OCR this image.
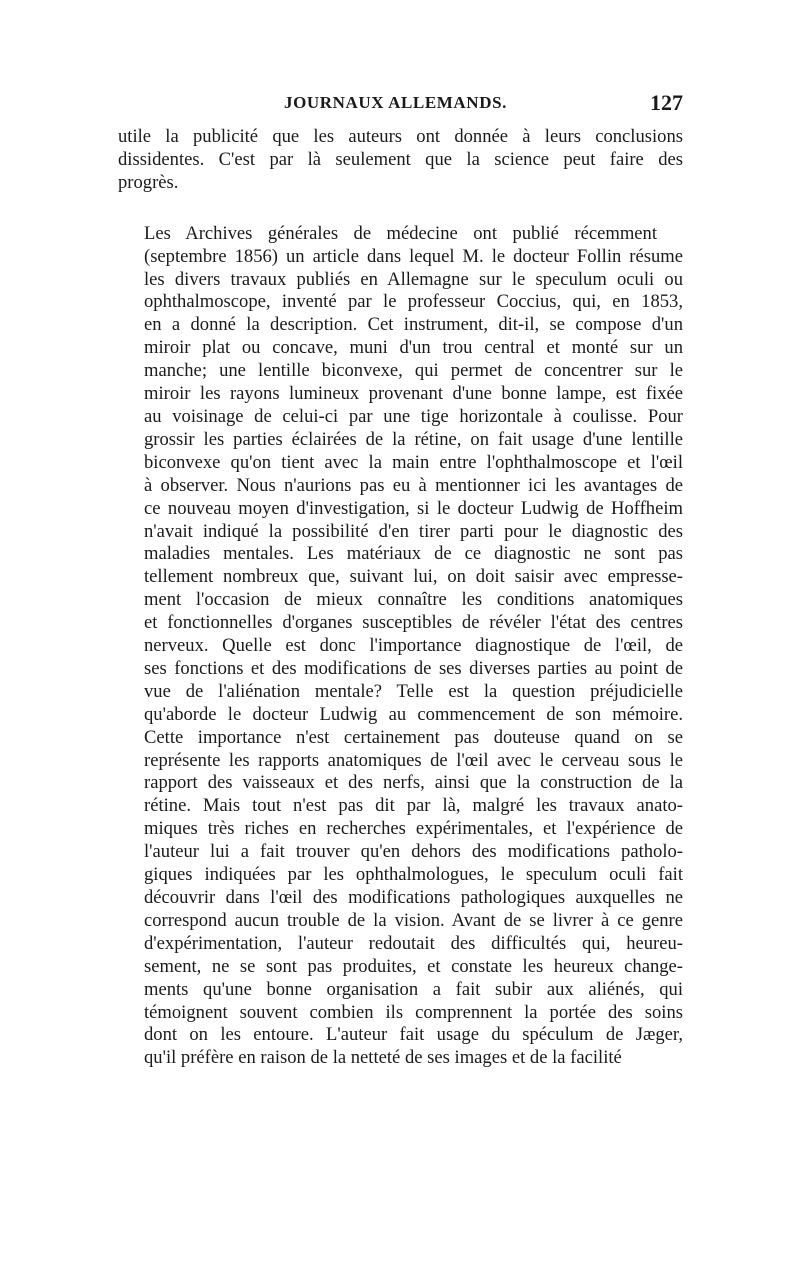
JOURNAUX ALLEMANDS.	127
utile la publicité que les auteurs ont donnée à leurs conclusions
dissidentes. C'est par là seulement que la science peut faire des
progrès.
Les Archives générales de médecine ont publié récemment
(septembre 1856) un article dans lequel M. le docteur Follin résume
les divers travaux publiés en Allemagne sur le speculum oculi ou
ophthalmoscope, inventé par le professeur Coccius, qui, en 1853,
en a donné la description. Cet instrument, dit-il, se compose d'un
miroir plat ou concave, muni d'un trou central et monté sur un
manche; une lentille biconvexe, qui permet de concentrer sur le
miroir les rayons lumineux provenant d'une bonne lampe, est fixée
au voisinage de celui-ci par une tige horizontale à coulisse. Pour
grossir les parties éclairées de la rétine, on fait usage d'une lentille
biconvexe qu'on tient avec la main entre l'ophthalmoscope et l'œil
à observer. Nous n'aurions pas eu à mentionner ici les avantages de
ce nouveau moyen d'investigation, si le docteur Ludwig de Hoffheim
n'avait indiqué la possibilité d'en tirer parti pour le diagnostic des
maladies mentales. Les matériaux de ce diagnostic ne sont pas
tellement nombreux que, suivant lui, on doit saisir avec empresse-
ment l'occasion de mieux connaître les conditions anatomiques
et fonctionnelles d'organes susceptibles de révéler l'état des centres
nerveux. Quelle est donc l'importance diagnostique de l'œil, de
ses fonctions et des modifications de ses diverses parties au point de
vue de l'aliénation mentale? Telle est la question préjudicielle
qu'aborde le docteur Ludwig au commencement de son mémoire.
Cette importance n'est certainement pas douteuse quand on se
représente les rapports anatomiques de l'œil avec le cerveau sous le
rapport des vaisseaux et des nerfs, ainsi que la construction de la
rétine. Mais tout n'est pas dit par là, malgré les travaux anato-
miques très riches en recherches expérimentales, et l'expérience de
l'auteur lui a fait trouver qu'en dehors des modifications patholo-
giques indiquées par les ophthalmologues, le speculum oculi fait
découvrir dans l'œil des modifications pathologiques auxquelles ne
correspond aucun trouble de la vision. Avant de se livrer à ce genre
d'expérimentation, l'auteur redoutait des difficultés qui, heureu-
sement, ne se sont pas produites, et constate les heureux change-
ments qu'une bonne organisation a fait subir aux aliénés, qui
témoignent souvent combien ils comprennent la portée des soins
dont on les entoure. L'auteur fait usage du spéculum de Jæger,
qu'il préfère en raison de la netteté de ses images et de la facilité
